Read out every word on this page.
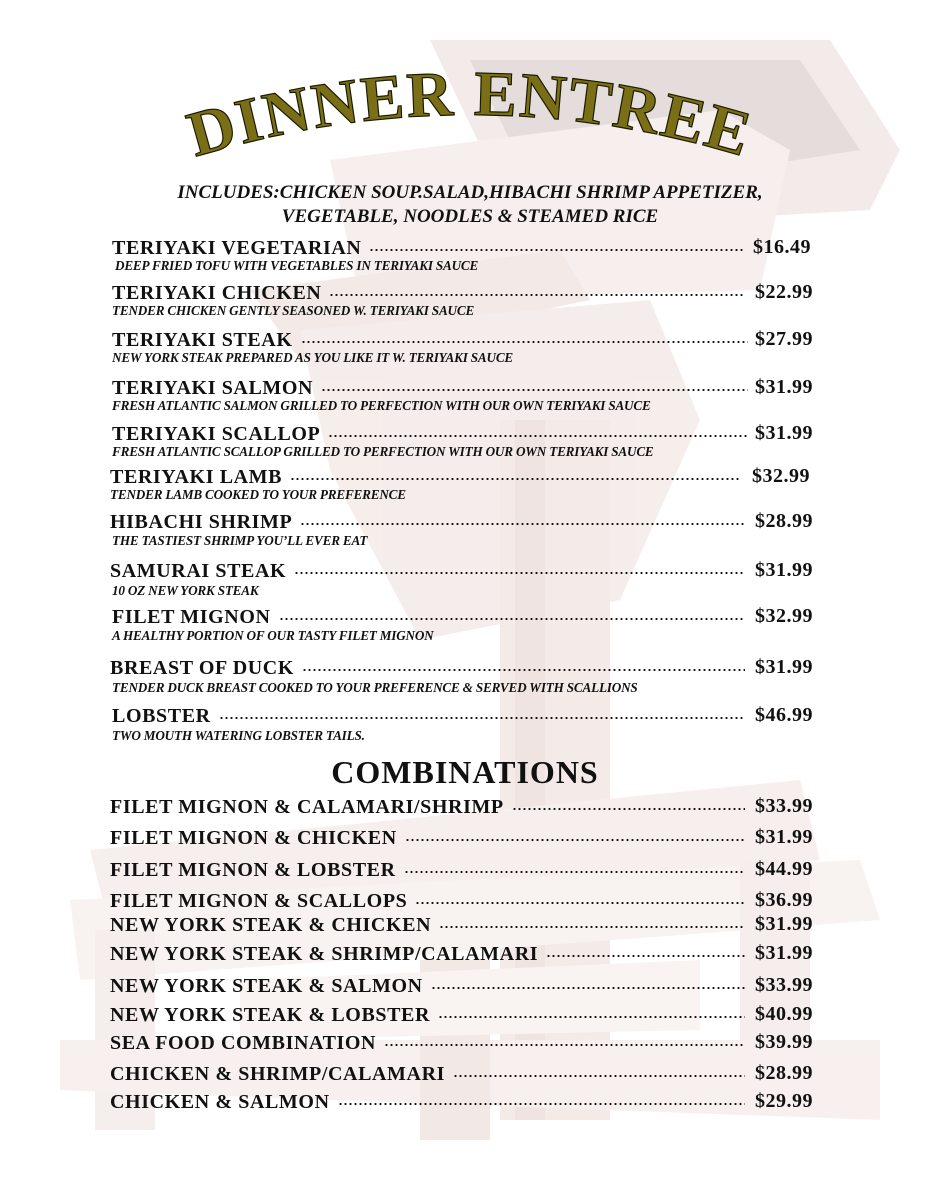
DINNER ENTREE
INCLUDES:CHICKEN SOUP.SALAD,HIBACHI SHRIMP APPETIZER,
VEGETABLE, NOODLES & STEAMED RICE
TERIYAKI VEGETARIAN	$16.49
DEEP FRIED TOFU WITH VEGETABLES IN TERIYAKI SAUCE
TERIYAKI CHICKEN	$22.99
TENDER CHICKEN GENTLY SEASONED W. TERIYAKI SAUCE
TERIYAKI STEAK	$27.99
NEW YORK STEAK PREPARED AS YOU LIKE IT W. TERIYAKI SAUCE
TERIYAKI SALMON	$31.99
FRESH ATLANTIC SALMON GRILLED TO PERFECTION WITH OUR OWN TERIYAKI SAUCE
TERIYAKI SCALLOP	$31.99
FRESH ATLANTIC SCALLOP GRILLED TO PERFECTION WITH OUR OWN TERIYAKI SAUCE
TERIYAKI LAMB	$32.99
TENDER LAMB COOKED TO YOUR PREFERENCE
HIBACHI SHRIMP	$28.99
THE TASTIEST SHRIMP YOU’LL EVER EAT
SAMURAI STEAK	$31.99
10 OZ NEW YORK STEAK
FILET MIGNON	$32.99
A HEALTHY PORTION OF OUR TASTY FILET MIGNON
BREAST OF DUCK	$31.99
TENDER DUCK BREAST COOKED TO YOUR PREFERENCE & SERVED WITH SCALLIONS
LOBSTER	$46.99
TWO MOUTH WATERING LOBSTER TAILS.
COMBINATIONS
FILET MIGNON & CALAMARI/SHRIMP	$33.99
FILET MIGNON & CHICKEN	$31.99
FILET MIGNON & LOBSTER	$44.99
FILET MIGNON & SCALLOPS	$36.99
NEW YORK STEAK & CHICKEN	$31.99
NEW YORK STEAK & SHRIMP/CALAMARI	$31.99
NEW YORK STEAK & SALMON	$33.99
NEW YORK STEAK & LOBSTER	$40.99
SEA FOOD COMBINATION	$39.99
CHICKEN & SHRIMP/CALAMARI	$28.99
CHICKEN & SALMON	$29.99
